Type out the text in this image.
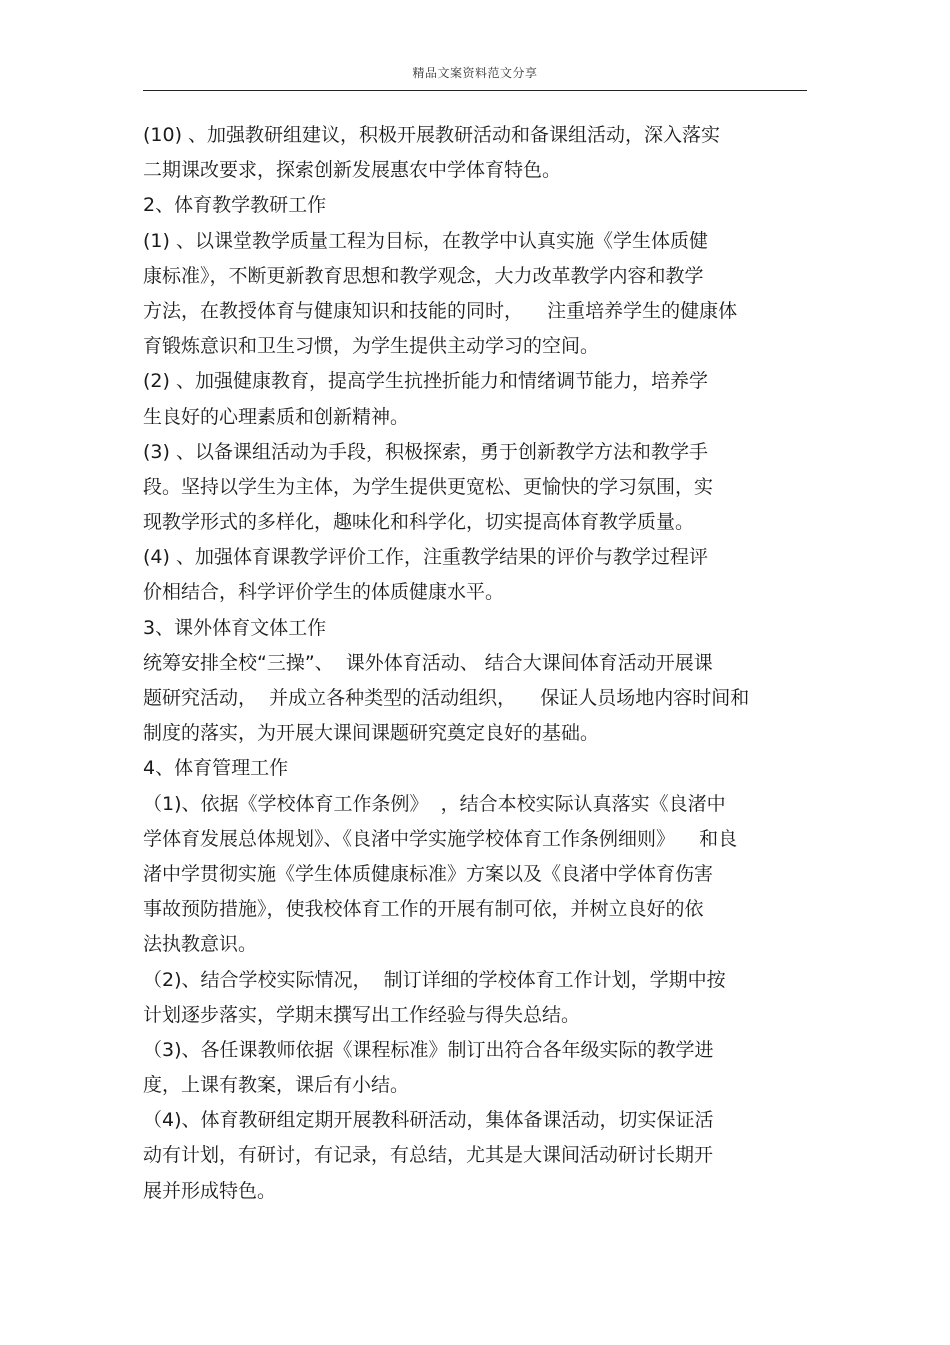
精品文案资料范文分享
(10) 、加强教研组建议，积极开展教研活动和备课组活动，深入落实
二期课改要求，探索创新发展惠农中学体育特色。
2、体育教学教研工作
(1) 、以课堂教学质量工程为目标，在教学中认真实施《学生体质健
康标准》，不断更新教育思想和教学观念，大力改革教学内容和教学
方法，在教授体育与健康知识和技能的同时，    注重培养学生的健康体
育锻炼意识和卫生习惯，为学生提供主动学习的空间。
(2) 、加强健康教育，提高学生抗挫折能力和情绪调节能力，培养学
生良好的心理素质和创新精神。
(3) 、以备课组活动为手段，积极探索，勇于创新教学方法和教学手
段。坚持以学生为主体，为学生提供更宽松、更愉快的学习氛围，实
现教学形式的多样化，趣味化和科学化，切实提高体育教学质量。
(4) 、加强体育课教学评价工作，注重教学结果的评价与教学过程评
价相结合，科学评价学生的体质健康水平。
3、课外体育文体工作
统筹安排全校“三操”、  课外体育活动、 结合大课间体育活动开展课
题研究活动，  并成立各种类型的活动组织，    保证人员场地内容时间和
制度的落实，为开展大课间课题研究奠定良好的基础。
4、体育管理工作
（1)、依据《学校体育工作条例》  ，结合本校实际认真落实《良渚中
学体育发展总体规划》、《良渚中学实施学校体育工作条例细则》    和良
渚中学贯彻实施《学生体质健康标准》方案以及《良渚中学体育伤害
事故预防措施》，使我校体育工作的开展有制可依，并树立良好的依
法执教意识。
（2)、结合学校实际情况，  制订详细的学校体育工作计划，学期中按
计划逐步落实，学期末撰写出工作经验与得失总结。
（3)、各任课教师依据《课程标准》制订出符合各年级实际的教学进
度，上课有教案，课后有小结。
（4)、体育教研组定期开展教科研活动，集体备课活动，切实保证活
动有计划，有研讨，有记录，有总结，尤其是大课间活动研讨长期开
展并形成特色。
